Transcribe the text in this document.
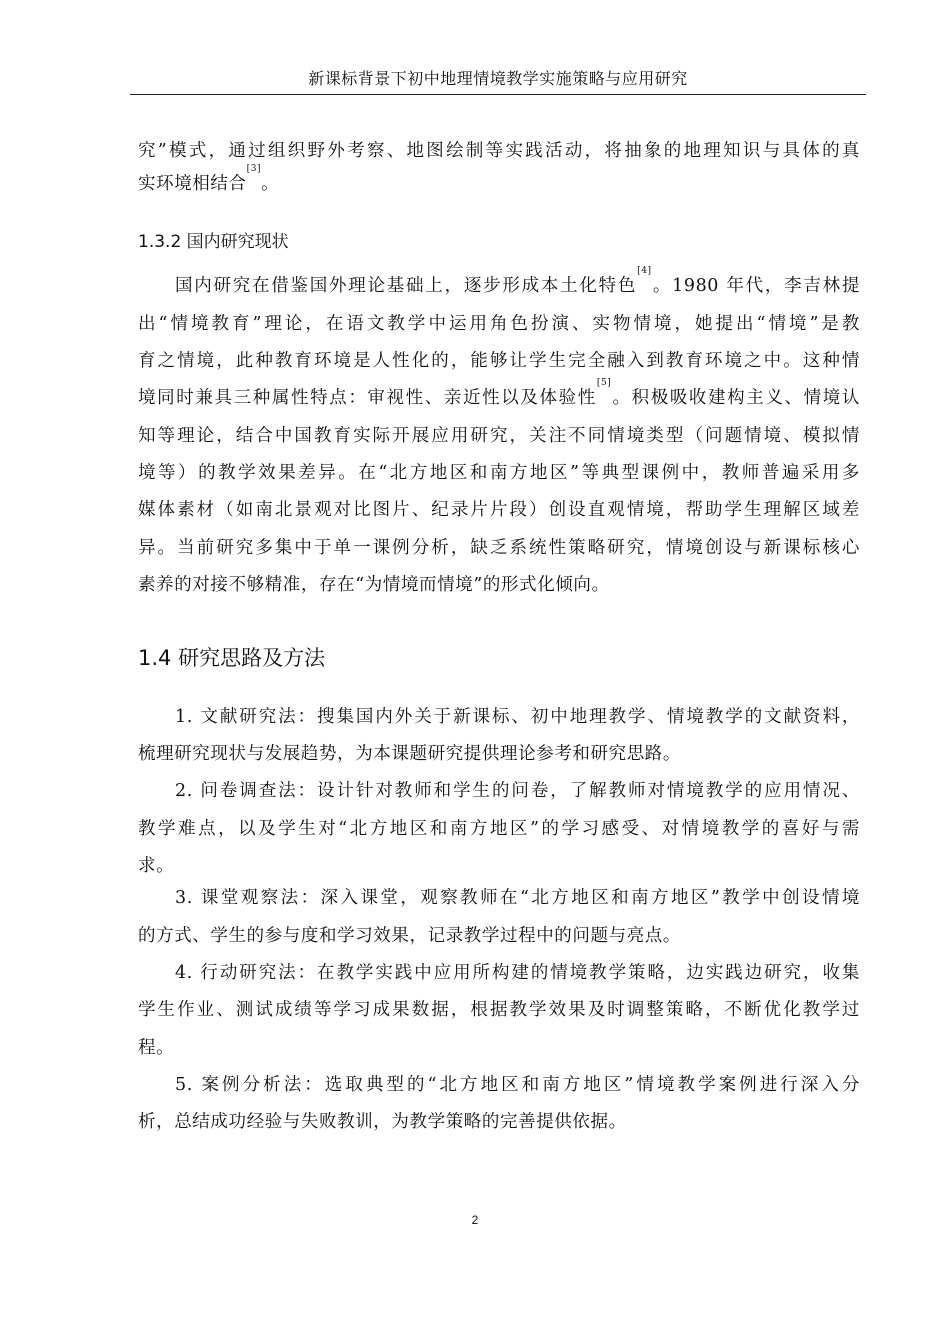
新课标背景下初中地理情境教学实施策略与应用研究
究”模式，通过组织野外考察、地图绘制等实践活动，将抽象的地理知识与具体的真
实环境相结合[3]。
1.3.2 国内研究现状
国内研究在借鉴国外理论基础上，逐步形成本土化特色[4]。1980 年代，李吉林提
出“情境教育”理论，在语文教学中运用角色扮演、实物情境，她提出“情境”是教
育之情境，此种教育环境是人性化的，能够让学生完全融入到教育环境之中。这种情
境同时兼具三种属性特点：审视性、亲近性以及体验性[5]。积极吸收建构主义、情境认
知等理论，结合中国教育实际开展应用研究，关注不同情境类型（问题情境、模拟情
境等）的教学效果差异。在“北方地区和南方地区”等典型课例中，教师普遍采用多
媒体素材（如南北景观对比图片、纪录片片段）创设直观情境，帮助学生理解区域差
异。当前研究多集中于单一课例分析，缺乏系统性策略研究，情境创设与新课标核心
素养的对接不够精准，存在“为情境而情境”的形式化倾向。
1.4 研究思路及方法
1. 文献研究法：搜集国内外关于新课标、初中地理教学、情境教学的文献资料，
梳理研究现状与发展趋势，为本课题研究提供理论参考和研究思路。
2. 问卷调查法：设计针对教师和学生的问卷，了解教师对情境教学的应用情况、
教学难点，以及学生对“北方地区和南方地区”的学习感受、对情境教学的喜好与需
求。
3. 课堂观察法：深入课堂，观察教师在“北方地区和南方地区”教学中创设情境
的方式、学生的参与度和学习效果，记录教学过程中的问题与亮点。
4. 行动研究法：在教学实践中应用所构建的情境教学策略，边实践边研究，收集
学生作业、测试成绩等学习成果数据，根据教学效果及时调整策略，不断优化教学过
程。
5. 案例分析法：选取典型的“北方地区和南方地区”情境教学案例进行深入分
析，总结成功经验与失败教训，为教学策略的完善提供依据。
2
